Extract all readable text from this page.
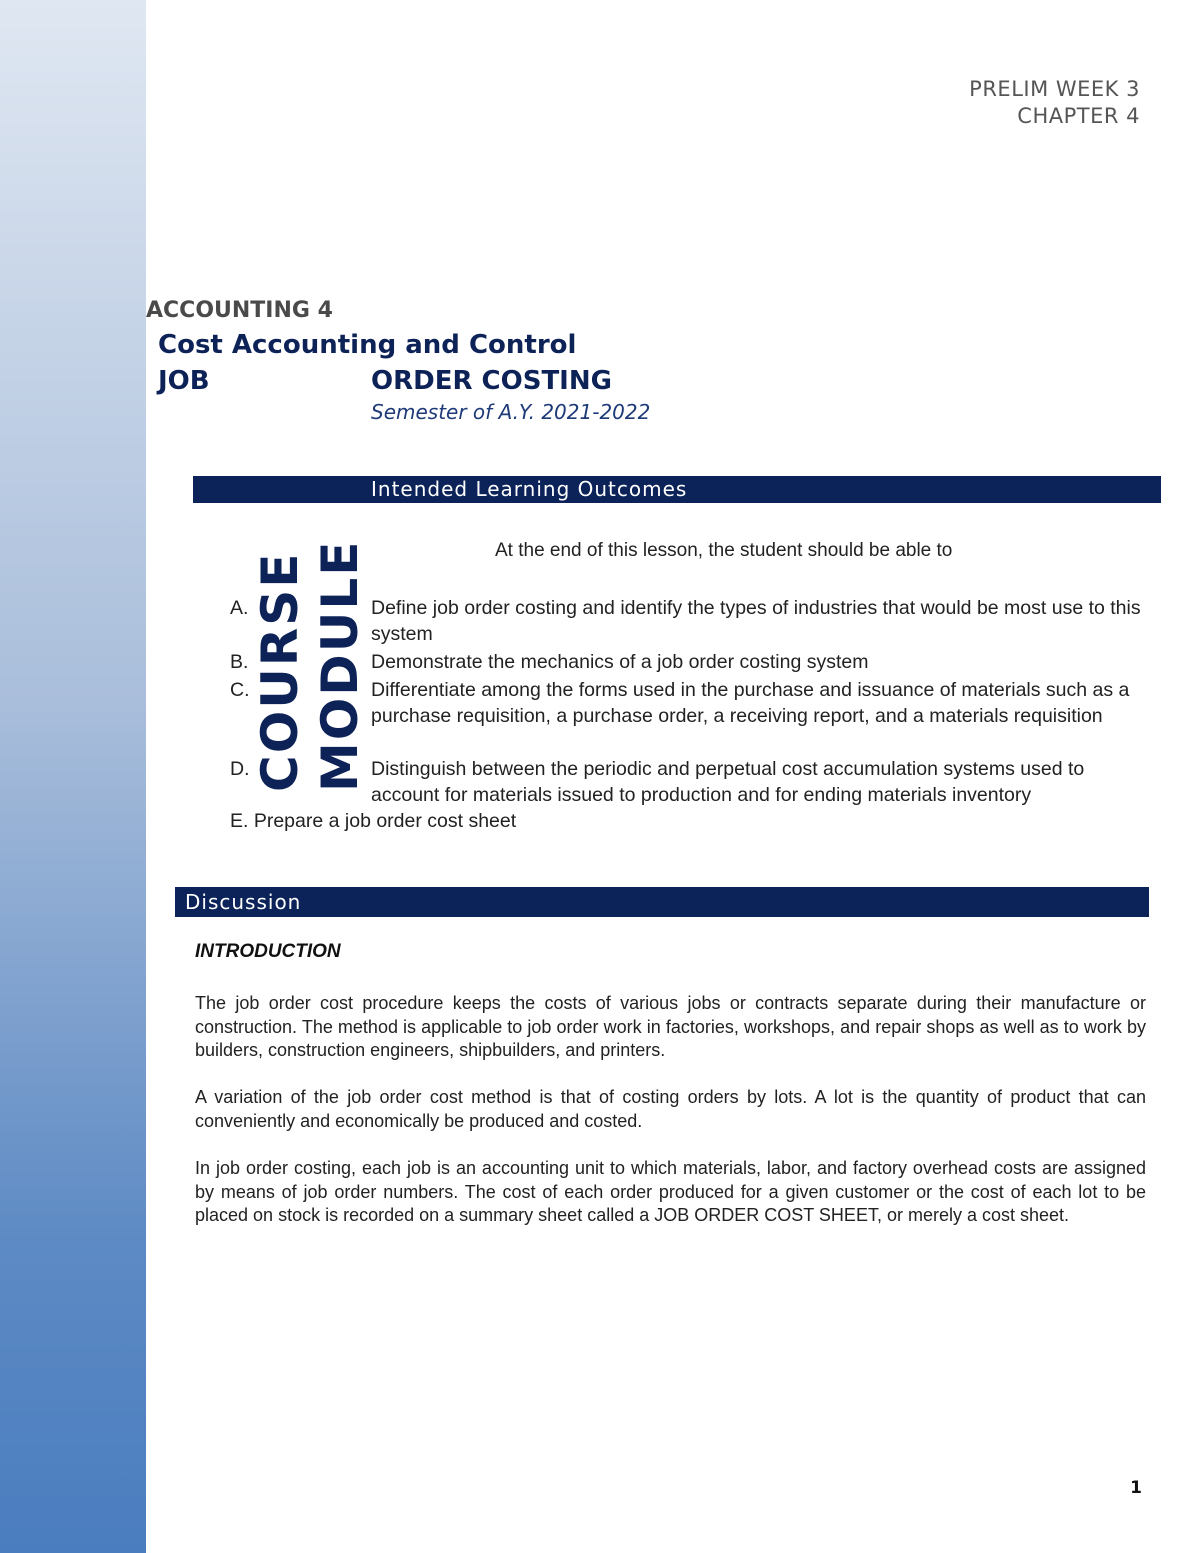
PRELIM WEEK 3
CHAPTER 4
ACCOUNTING 4
Cost Accounting and Control
JOB	ORDER COSTING
Semester of A.Y. 2021-2022
Intended Learning Outcomes
At the end of this lesson, the student should be able to
COURSE MODULE
A.	Define job order costing and identify the types of industries that would be most use to this system
B.	Demonstrate the mechanics of a job order costing system
C.	Differentiate among the forms used in the purchase and issuance of materials such as a purchase requisition, a purchase order, a receiving report, and a materials requisition
D.	Distinguish between the periodic and perpetual cost accumulation systems used to account for materials issued to production and for ending materials inventory
E. Prepare a job order cost sheet
Discussion
INTRODUCTION

The job order cost procedure keeps the costs of various jobs or contracts separate during their manufacture or construction. The method is applicable to job order work in factories, workshops, and repair shops as well as to work by builders, construction engineers, shipbuilders, and printers.

A variation of the job order cost method is that of costing orders by lots. A lot is the quantity of product that can conveniently and economically be produced and costed.

In job order costing, each job is an accounting unit to which materials, labor, and factory overhead costs are assigned by means of job order numbers. The cost of each order produced for a given customer or the cost of each lot to be placed on stock is recorded on a summary sheet called a JOB ORDER COST SHEET, or merely a cost sheet.

1
